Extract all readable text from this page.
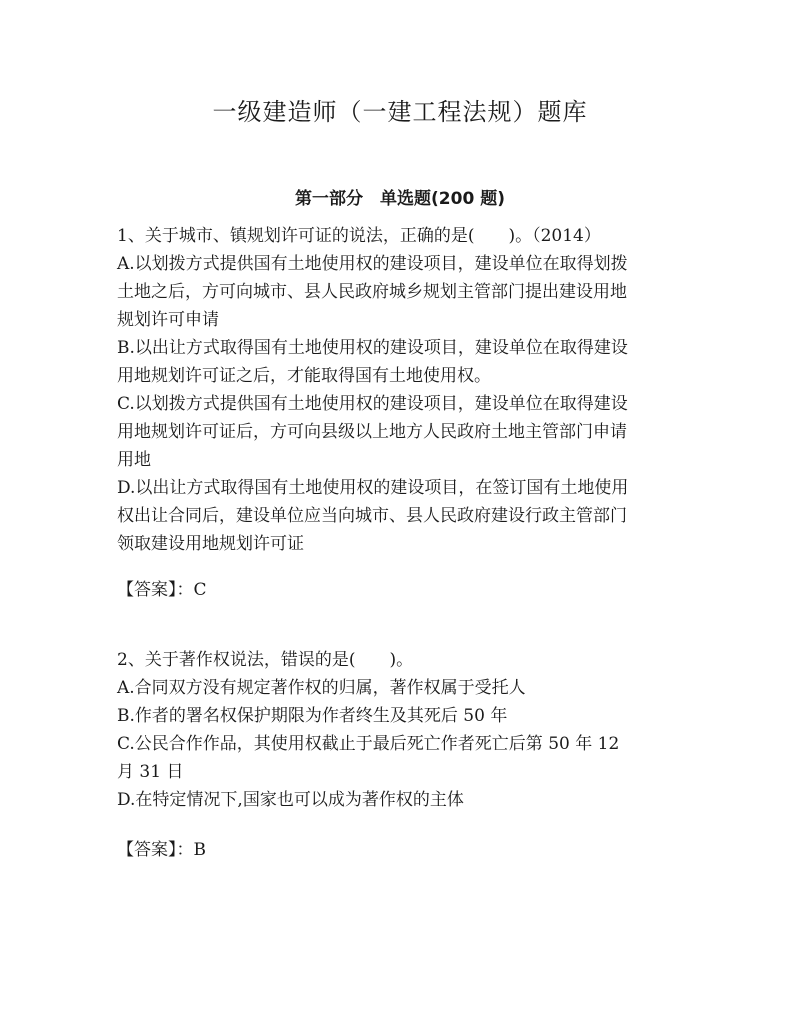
一级建造师（一建工程法规）题库
第一部分　单选题(200 题)
1、关于城市、镇规划许可证的说法，正确的是(　　)。（2014）
A.以划拨方式提供国有土地使用权的建设项目，建设单位在取得划拨
土地之后，方可向城市、县人民政府城乡规划主管部门提出建设用地
规划许可申请
B.以出让方式取得国有土地使用权的建设项目，建设单位在取得建设
用地规划许可证之后，才能取得国有土地使用权。
C.以划拨方式提供国有土地使用权的建设项目，建设单位在取得建设
用地规划许可证后，方可向县级以上地方人民政府土地主管部门申请
用地
D.以出让方式取得国有土地使用权的建设项目，在签订国有土地使用
权出让合同后，建设单位应当向城市、县人民政府建设行政主管部门
领取建设用地规划许可证
【答案】：C
2、关于著作权说法，错误的是(　　)。
A.合同双方没有规定著作权的归属，著作权属于受托人
B.作者的署名权保护期限为作者终生及其死后 50 年
C.公民合作作品，其使用权截止于最后死亡作者死亡后第 50 年 12
月 31 日
D.在特定情况下,国家也可以成为著作权的主体
【答案】：B
